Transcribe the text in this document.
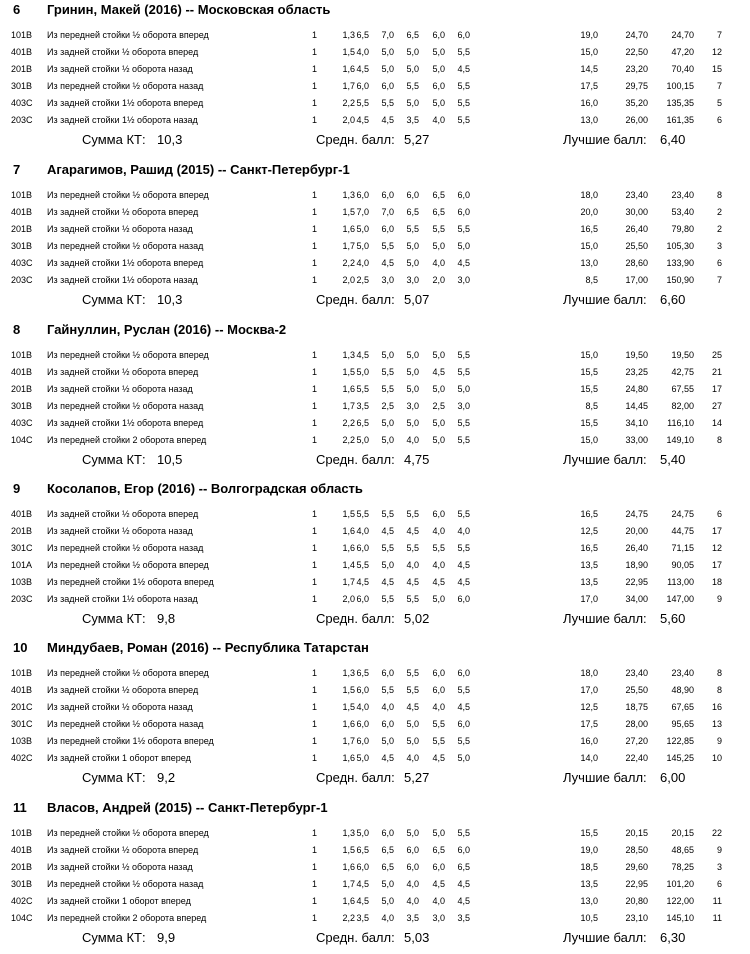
6 Гринин, Макей (2016) -- Московская область
101B Из передней стойки ½ оборота вперед	1	1,3 6,5	7,0	6,5	6,0	6,0	19,0	24,70	24,70	7
401B Из задней стойки ½ оборота вперед	1	1,5 4,0	5,0	5,0	5,0	5,5	15,0	22,50	47,20	12
201B Из задней стойки ½ оборота назад	1	1,6 4,5	5,0	5,0	5,0	4,5	14,5	23,20	70,40	15
301B Из передней стойки ½ оборота назад	1	1,7 6,0	6,0	5,5	6,0	5,5	17,5	29,75	100,15	7
403C Из задней стойки 1½ оборота вперед	1	2,2 5,5	5,5	5,0	5,0	5,5	16,0	35,20	135,35	5
203C Из задней стойки 1½ оборота назад	1	2,0 4,5	4,5	3,5	4,0	5,5	13,0	26,00	161,35	6
Сумма КТ: 10,3	Средн. балл: 5,27	Лучшие балл: 6,40
7 Агарагимов, Рашид (2015) -- Санкт-Петербург-1
101B Из передней стойки ½ оборота вперед	1	1,3 6,0	6,0	6,0	6,5	6,0	18,0	23,40	23,40	8
401B Из задней стойки ½ оборота вперед	1	1,5 7,0	7,0	6,5	6,5	6,0	20,0	30,00	53,40	2
201B Из задней стойки ½ оборота назад	1	1,6 5,0	6,0	5,5	5,5	5,5	16,5	26,40	79,80	2
301B Из передней стойки ½ оборота назад	1	1,7 5,0	5,5	5,0	5,0	5,0	15,0	25,50	105,30	3
403C Из задней стойки 1½ оборота вперед	1	2,2 4,0	4,5	5,0	4,0	4,5	13,0	28,60	133,90	6
203C Из задней стойки 1½ оборота назад	1	2,0 2,5	3,0	3,0	2,0	3,0	8,5	17,00	150,90	7
Сумма КТ: 10,3	Средн. балл: 5,07	Лучшие балл: 6,60
8 Гайнуллин, Руслан (2016) -- Москва-2
101B Из передней стойки ½ оборота вперед	1	1,3 4,5	5,0	5,0	5,0	5,5	15,0	19,50	19,50	25
401B Из задней стойки ½ оборота вперед	1	1,5 5,0	5,5	5,0	4,5	5,5	15,5	23,25	42,75	21
201B Из задней стойки ½ оборота назад	1	1,6 5,5	5,5	5,0	5,0	5,0	15,5	24,80	67,55	17
301B Из передней стойки ½ оборота назад	1	1,7 3,5	2,5	3,0	2,5	3,0	8,5	14,45	82,00	27
403C Из задней стойки 1½ оборота вперед	1	2,2 6,5	5,0	5,0	5,0	5,5	15,5	34,10	116,10	14
104C Из передней стойки 2 оборота вперед	1	2,2 5,0	5,0	4,0	5,0	5,5	15,0	33,00	149,10	8
Сумма КТ: 10,5	Средн. балл: 4,75	Лучшие балл: 5,40
9 Косолапов, Егор (2016) -- Волгоградская область
401B Из задней стойки ½ оборота вперед	1	1,5 5,5	5,5	5,5	6,0	5,5	16,5	24,75	24,75	6
201B Из задней стойки ½ оборота назад	1	1,6 4,0	4,5	4,5	4,0	4,0	12,5	20,00	44,75	17
301C Из передней стойки ½ оборота назад	1	1,6 6,0	5,5	5,5	5,5	5,5	16,5	26,40	71,15	12
101A Из передней стойки ½ оборота вперед	1	1,4 5,5	5,0	4,0	4,0	4,5	13,5	18,90	90,05	17
103B Из передней стойки 1½ оборота вперед	1	1,7 4,5	4,5	4,5	4,5	4,5	13,5	22,95	113,00	18
203C Из задней стойки 1½ оборота назад	1	2,0 6,0	5,5	5,5	5,0	6,0	17,0	34,00	147,00	9
Сумма КТ: 9,8	Средн. балл: 5,02	Лучшие балл: 5,60
10 Миндубаев, Роман (2016) -- Республика Татарстан
101B Из передней стойки ½ оборота вперед	1	1,3 6,5	6,0	5,5	6,0	6,0	18,0	23,40	23,40	8
401B Из задней стойки ½ оборота вперед	1	1,5 6,0	5,5	5,5	6,0	5,5	17,0	25,50	48,90	8
201C Из задней стойки ½ оборота назад	1	1,5 4,0	4,0	4,5	4,0	4,5	12,5	18,75	67,65	16
301C Из передней стойки ½ оборота назад	1	1,6 6,0	6,0	5,0	5,5	6,0	17,5	28,00	95,65	13
103B Из передней стойки 1½ оборота вперед	1	1,7 6,0	5,0	5,0	5,5	5,5	16,0	27,20	122,85	9
402C Из задней стойки 1 оборот вперед	1	1,6 5,0	4,5	4,0	4,5	5,0	14,0	22,40	145,25	10
Сумма КТ: 9,2	Средн. балл: 5,27	Лучшие балл: 6,00
11 Власов, Андрей (2015) -- Санкт-Петербург-1
101B Из передней стойки ½ оборота вперед	1	1,3 5,0	6,0	5,0	5,0	5,5	15,5	20,15	20,15	22
401B Из задней стойки ½ оборота вперед	1	1,5 6,5	6,5	6,0	6,5	6,0	19,0	28,50	48,65	9
201B Из задней стойки ½ оборота назад	1	1,6 6,0	6,5	6,0	6,0	6,5	18,5	29,60	78,25	3
301B Из передней стойки ½ оборота назад	1	1,7 4,5	5,0	4,0	4,5	4,5	13,5	22,95	101,20	6
402C Из задней стойки 1 оборот вперед	1	1,6 4,5	5,0	4,0	4,0	4,5	13,0	20,80	122,00	11
104C Из передней стойки 2 оборота вперед	1	2,2 3,5	4,0	3,5	3,0	3,5	10,5	23,10	145,10	11
Сумма КТ: 9,9	Средн. балл: 5,03	Лучшие балл: 6,30
